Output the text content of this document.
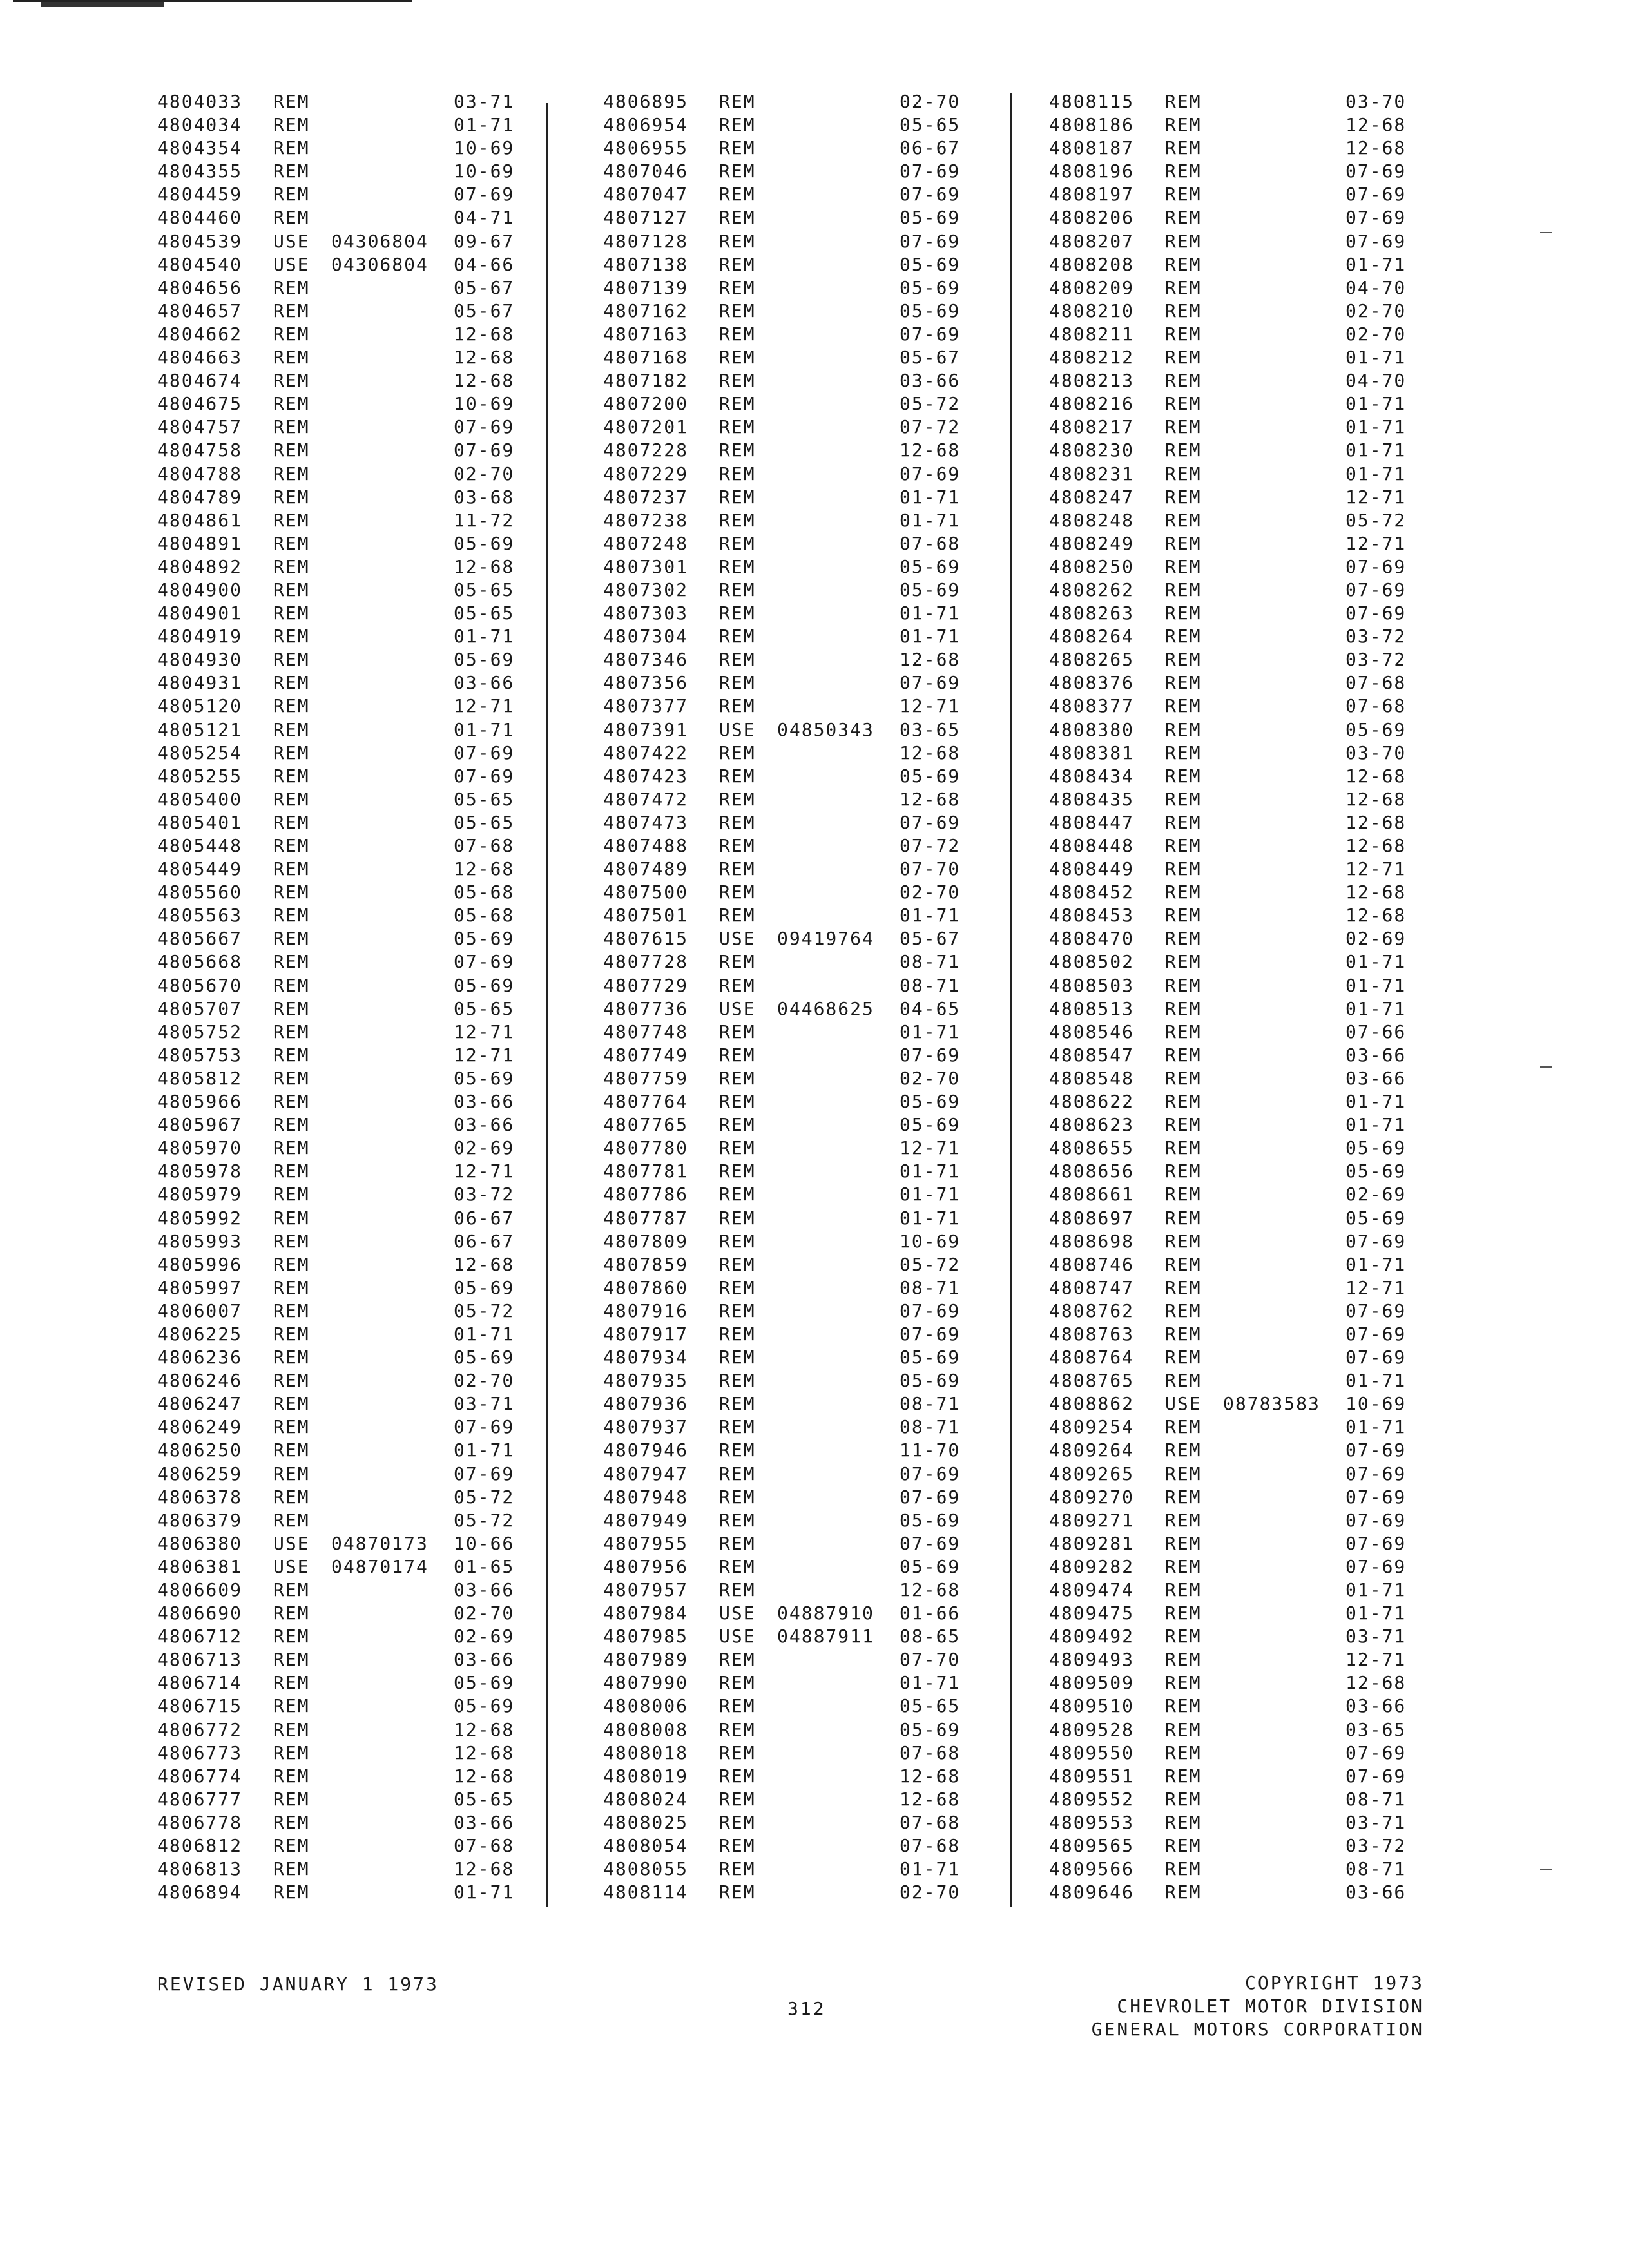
4804033 REM	03-71
4804034 REM	01-71
4804354 REM	10-69
4804355 REM	10-69
4804459 REM	07-69
4804460 REM	04-71
4804539 USE 04306804 09-67
4804540 USE 04306804 04-66
4804656 REM	05-67
4804657 REM	05-67
4804662 REM	12-68
4804663 REM	12-68
4804674 REM	12-68
4804675 REM	10-69
4804757 REM	07-69
4804758 REM	07-69
4804788 REM	02-70
4804789 REM	03-68
4804861 REM	11-72
4804891 REM	05-69
4804892 REM	12-68
4804900 REM	05-65
4804901 REM	05-65
4804919 REM	01-71
4804930 REM	05-69
4804931 REM	03-66
4805120 REM	12-71
4805121 REM	01-71
4805254 REM	07-69
4805255 REM	07-69
4805400 REM	05-65
4805401 REM	05-65
4805448 REM	07-68
4805449 REM	12-68
4805560 REM	05-68
4805563 REM	05-68
4805667 REM	05-69
4805668 REM	07-69
4805670 REM	05-69
4805707 REM	05-65
4805752 REM	12-71
4805753 REM	12-71
4805812 REM	05-69
4805966 REM	03-66
4805967 REM	03-66
4805970 REM	02-69
4805978 REM	12-71
4805979 REM	03-72
4805992 REM	06-67
4805993 REM	06-67
4805996 REM	12-68
4805997 REM	05-69
4806007 REM	05-72
4806225 REM	01-71
4806236 REM	05-69
4806246 REM	02-70
4806247 REM	03-71
4806249 REM	07-69
4806250 REM	01-71
4806259 REM	07-69
4806378 REM	05-72
4806379 REM	05-72
4806380 USE 04870173 10-66
4806381 USE 04870174 01-65
4806609 REM	03-66
4806690 REM	02-70
4806712 REM	02-69
4806713 REM	03-66
4806714 REM	05-69
4806715 REM	05-69
4806772 REM	12-68
4806773 REM	12-68
4806774 REM	12-68
4806777 REM	05-65
4806778 REM	03-66
4806812 REM	07-68
4806813 REM	12-68
4806894 REM	01-71
4806895 REM	02-70
4806954 REM	05-65
4806955 REM	06-67
4807046 REM	07-69
4807047 REM	07-69
4807127 REM	05-69
4807128 REM	07-69
4807138 REM	05-69
4807139 REM	05-69
4807162 REM	05-69
4807163 REM	07-69
4807168 REM	05-67
4807182 REM	03-66
4807200 REM	05-72
4807201 REM	07-72
4807228 REM	12-68
4807229 REM	07-69
4807237 REM	01-71
4807238 REM	01-71
4807248 REM	07-68
4807301 REM	05-69
4807302 REM	05-69
4807303 REM	01-71
4807304 REM	01-71
4807346 REM	12-68
4807356 REM	07-69
4807377 REM	12-71
4807391 USE 04850343 03-65
4807422 REM	12-68
4807423 REM	05-69
4807472 REM	12-68
4807473 REM	07-69
4807488 REM	07-72
4807489 REM	07-70
4807500 REM	02-70
4807501 REM	01-71
4807615 USE 09419764 05-67
4807728 REM	08-71
4807729 REM	08-71
4807736 USE 04468625 04-65
4807748 REM	01-71
4807749 REM	07-69
4807759 REM	02-70
4807764 REM	05-69
4807765 REM	05-69
4807780 REM	12-71
4807781 REM	01-71
4807786 REM	01-71
4807787 REM	01-71
4807809 REM	10-69
4807859 REM	05-72
4807860 REM	08-71
4807916 REM	07-69
4807917 REM	07-69
4807934 REM	05-69
4807935 REM	05-69
4807936 REM	08-71
4807937 REM	08-71
4807946 REM	11-70
4807947 REM	07-69
4807948 REM	07-69
4807949 REM	05-69
4807955 REM	07-69
4807956 REM	05-69
4807957 REM	12-68
4807984 USE 04887910 01-66
4807985 USE 04887911 08-65
4807989 REM	07-70
4807990 REM	01-71
4808006 REM	05-65
4808008 REM	05-69
4808018 REM	07-68
4808019 REM	12-68
4808024 REM	12-68
4808025 REM	07-68
4808054 REM	07-68
4808055 REM	01-71
4808114 REM	02-70
4808115 REM	03-70
4808186 REM	12-68
4808187 REM	12-68
4808196 REM	07-69
4808197 REM	07-69
4808206 REM	07-69
4808207 REM	07-69
4808208 REM	01-71
4808209 REM	04-70
4808210 REM	02-70
4808211 REM	02-70
4808212 REM	01-71
4808213 REM	04-70
4808216 REM	01-71
4808217 REM	01-71
4808230 REM	01-71
4808231 REM	01-71
4808247 REM	12-71
4808248 REM	05-72
4808249 REM	12-71
4808250 REM	07-69
4808262 REM	07-69
4808263 REM	07-69
4808264 REM	03-72
4808265 REM	03-72
4808376 REM	07-68
4808377 REM	07-68
4808380 REM	05-69
4808381 REM	03-70
4808434 REM	12-68
4808435 REM	12-68
4808447 REM	12-68
4808448 REM	12-68
4808449 REM	12-71
4808452 REM	12-68
4808453 REM	12-68
4808470 REM	02-69
4808502 REM	01-71
4808503 REM	01-71
4808513 REM	01-71
4808546 REM	07-66
4808547 REM	03-66
4808548 REM	03-66
4808622 REM	01-71
4808623 REM	01-71
4808655 REM	05-69
4808656 REM	05-69
4808661 REM	02-69
4808697 REM	05-69
4808698 REM	07-69
4808746 REM	01-71
4808747 REM	12-71
4808762 REM	07-69
4808763 REM	07-69
4808764 REM	07-69
4808765 REM	01-71
4808862 USE 08783583 10-69
4809254 REM	01-71
4809264 REM	07-69
4809265 REM	07-69
4809270 REM	07-69
4809271 REM	07-69
4809281 REM	07-69
4809282 REM	07-69
4809474 REM	01-71
4809475 REM	01-71
4809492 REM	03-71
4809493 REM	12-71
4809509 REM	12-68
4809510 REM	03-66
4809528 REM	03-65
4809550 REM	07-69
4809551 REM	07-69
4809552 REM	08-71
4809553 REM	03-71
4809565 REM	03-72
4809566 REM	08-71
4809646 REM	03-66
REVISED JANUARY 1 1973
312
COPYRIGHT 1973
CHEVROLET MOTOR DIVISION
GENERAL MOTORS CORPORATION
